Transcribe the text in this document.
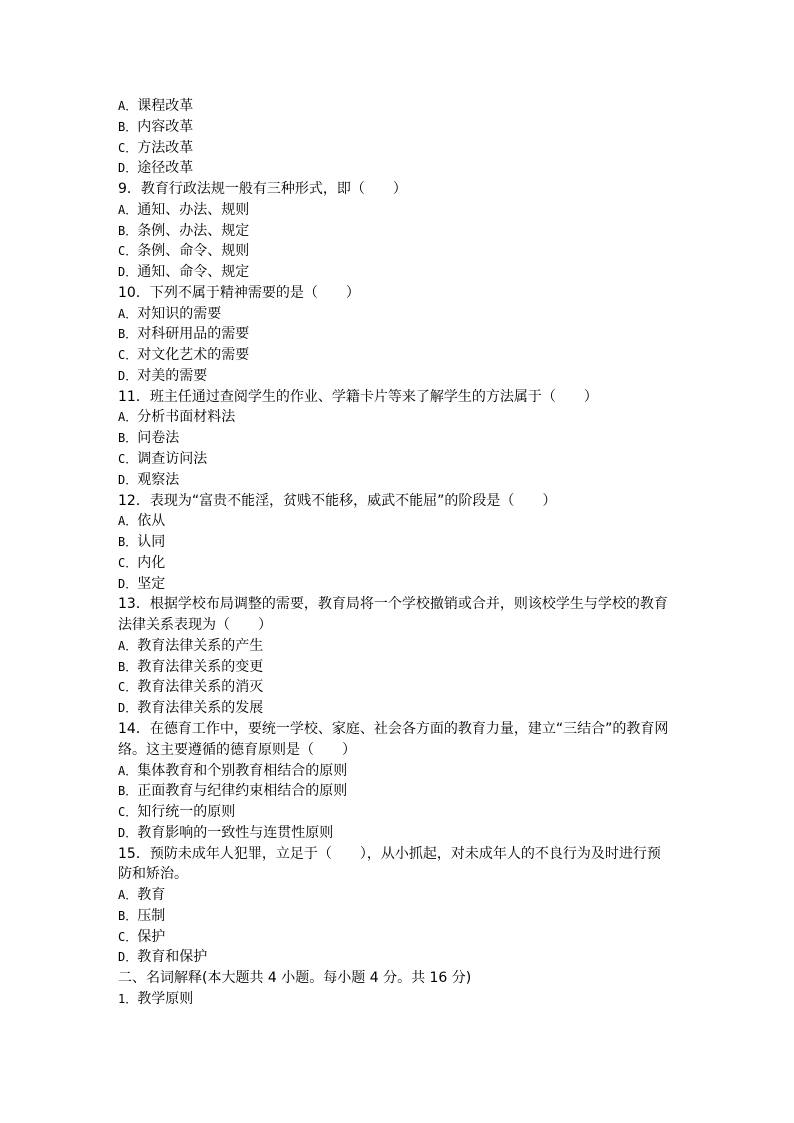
A．课程改革
B．内容改革
C．方法改革
D．途径改革
9．教育行政法规一般有三种形式，即（　　）
A．通知、办法、规则
B．条例、办法、规定
C．条例、命令、规则
D．通知、命令、规定
10．下列不属于精神需要的是（　　）
A．对知识的需要
B．对科研用品的需要
C．对文化艺术的需要
D．对美的需要
11．班主任通过查阅学生的作业、学籍卡片等来了解学生的方法属于（　　）
A．分析书面材料法
B．问卷法
C．调查访问法
D．观察法
12．表现为“富贵不能淫，贫贱不能移，威武不能屈”的阶段是（　　）
A．依从
B．认同
C．内化
D．坚定
13．根据学校布局调整的需要，教育局将一个学校撤销或合并，则该校学生与学校的教育法律关系表现为（　　）
A．教育法律关系的产生
B．教育法律关系的变更
C．教育法律关系的消灭
D．教育法律关系的发展
14．在德育工作中，要统一学校、家庭、社会各方面的教育力量，建立“三结合”的教育网络。这主要遵循的德育原则是（　　）
A．集体教育和个别教育相结合的原则
B．正面教育与纪律约束相结合的原则
C．知行统一的原则
D．教育影响的一致性与连贯性原则
15．预防未成年人犯罪，立足于（　　），从小抓起，对未成年人的不良行为及时进行预防和矫治。
A．教育
B．压制
C．保护
D．教育和保护
二、名词解释(本大题共 4 小题。每小题 4 分。共 16 分)
1．教学原则
